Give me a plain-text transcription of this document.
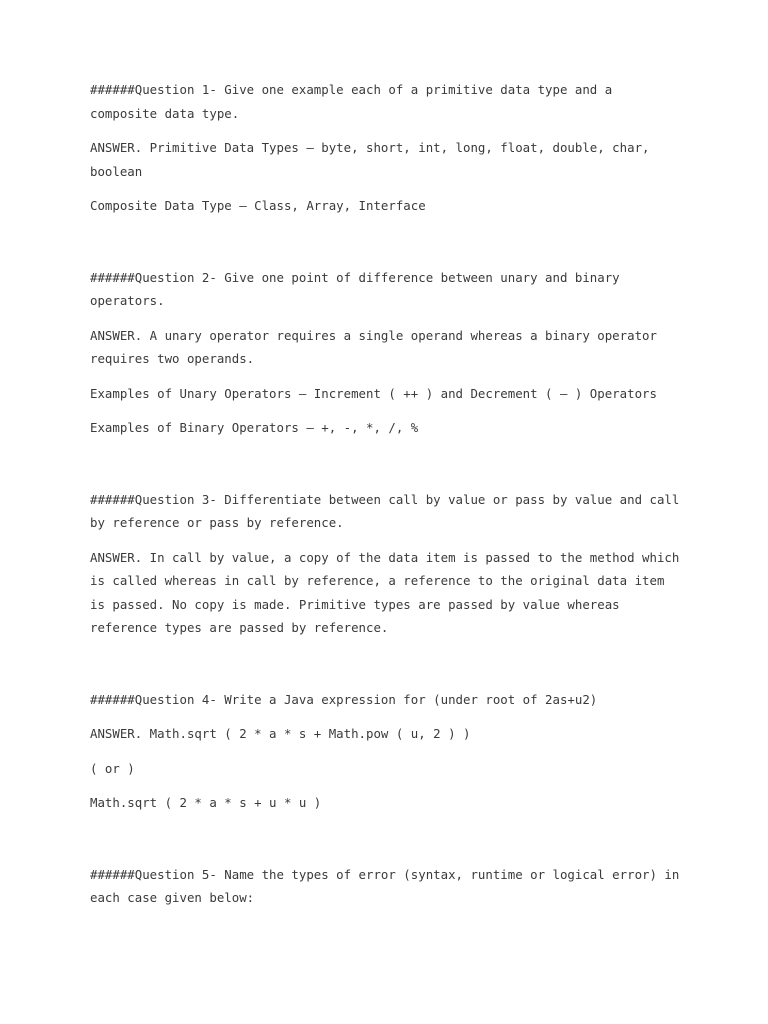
######Question 1- Give one example each of a primitive data type and a composite data type.

ANSWER. Primitive Data Types – byte, short, int, long, float, double, char, boolean

Composite Data Type – Class, Array, Interface

######Question 2- Give one point of difference between unary and binary operators.

ANSWER. A unary operator requires a single operand whereas a binary operator requires two operands.

Examples of Unary Operators – Increment ( ++ ) and Decrement ( — ) Operators

Examples of Binary Operators – +, -, *, /, %

######Question 3- Differentiate between call by value or pass by value and call by reference or pass by reference.

ANSWER. In call by value, a copy of the data item is passed to the method which is called whereas in call by reference, a reference to the original data item is passed. No copy is made. Primitive types are passed by value whereas reference types are passed by reference.

######Question 4- Write a Java expression for (under root of 2as+u2)

ANSWER. Math.sqrt ( 2 * a * s + Math.pow ( u, 2 ) )

( or )

Math.sqrt ( 2 * a * s + u * u )

######Question 5- Name the types of error (syntax, runtime or logical error) in each case given below:
